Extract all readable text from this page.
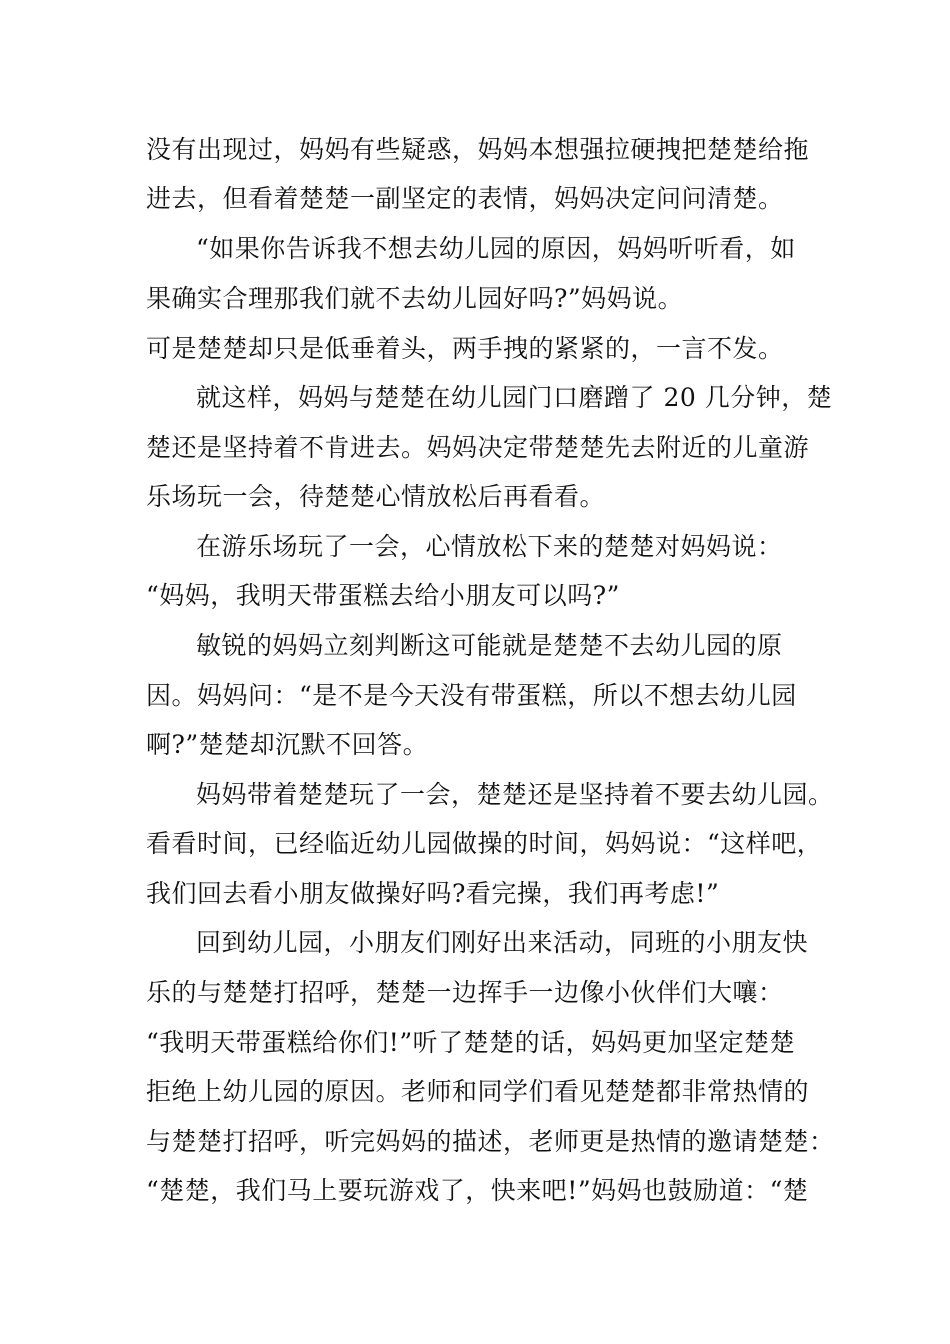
没有出现过，妈妈有些疑惑，妈妈本想强拉硬拽把楚楚给拖
进去，但看着楚楚一副坚定的表情，妈妈决定问问清楚。
“如果你告诉我不想去幼儿园的原因，妈妈听听看，如
果确实合理那我们就不去幼儿园好吗?”妈妈说。
可是楚楚却只是低垂着头，两手拽的紧紧的，一言不发。
就这样，妈妈与楚楚在幼儿园门口磨蹭了 20 几分钟，楚
楚还是坚持着不肯进去。妈妈决定带楚楚先去附近的儿童游
乐场玩一会，待楚楚心情放松后再看看。
在游乐场玩了一会，心情放松下来的楚楚对妈妈说：
“妈妈，我明天带蛋糕去给小朋友可以吗?”
敏锐的妈妈立刻判断这可能就是楚楚不去幼儿园的原
因。妈妈问：“是不是今天没有带蛋糕，所以不想去幼儿园
啊?”楚楚却沉默不回答。
妈妈带着楚楚玩了一会，楚楚还是坚持着不要去幼儿园。
看看时间，已经临近幼儿园做操的时间，妈妈说：“这样吧，
我们回去看小朋友做操好吗?看完操，我们再考虑!”
回到幼儿园，小朋友们刚好出来活动，同班的小朋友快
乐的与楚楚打招呼，楚楚一边挥手一边像小伙伴们大嚷：
“我明天带蛋糕给你们!”听了楚楚的话，妈妈更加坚定楚楚
拒绝上幼儿园的原因。老师和同学们看见楚楚都非常热情的
与楚楚打招呼，听完妈妈的描述，老师更是热情的邀请楚楚：
“楚楚，我们马上要玩游戏了，快来吧!”妈妈也鼓励道：“楚
